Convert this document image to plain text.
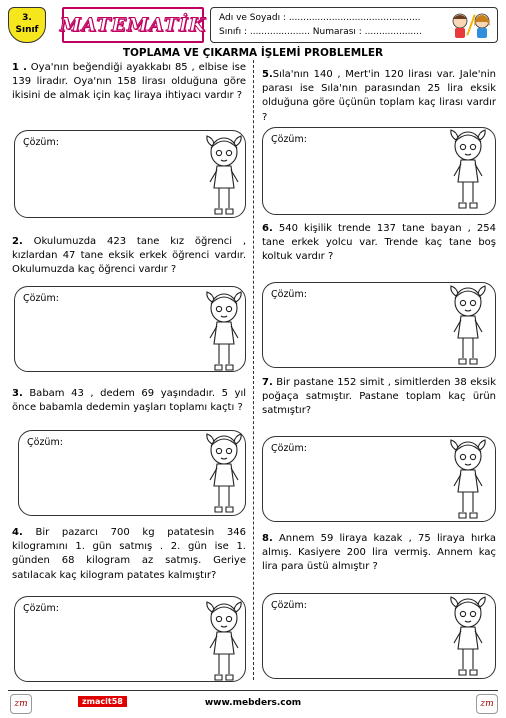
3.
Sınıf	MATEMATİK Adı ve Soyadı : ..............................................
Sınıfı : ..................... Numarası : ....................
TOPLAMA VE ÇIKARMA İŞLEMİ PROBLEMLER
1 . Oya'nın beğendiği ayakkabı 85 , elbise ise 139 liradır. Oya'nın 158 lirası olduğuna göre ikisini de almak için kaç liraya ihtiyacı vardır ?
Çözüm:
2. Okulumuzda 423 tane kız öğrenci , kızlardan 47 tane eksik erkek öğrenci vardır. Okulumuzda kaç öğrenci vardır ?
Çözüm:
3. Babam 43 , dedem 69 yaşındadır. 5 yıl önce babamla dedemin yaşları toplamı kaçtı ?
Çözüm:
4. Bir pazarcı 700 kg patatesin 346 kilogramını 1. gün satmış . 2. gün ise 1. günden 68 kilogram az satmış. Geriye satılacak kaç kilogram patates kalmıştır?
Çözüm:
5.Sıla'nın 140 , Mert'in 120 lirası var. Jale'nin parası ise Sıla'nın parasından 25 lira eksik olduğuna göre üçünün toplam kaç lirası vardır ?
Çözüm:
6. 540 kişilik trende 137 tane bayan , 254 tane erkek yolcu var. Trende kaç tane boş koltuk vardır ?
Çözüm:
7. Bir pastane 152 simit , simitlerden 38 eksik poğaça satmıştır. Pastane toplam kaç ürün satmıştır?
Çözüm:
8. Annem 59 liraya kazak , 75 liraya hırka almış. Kasiyere 200 lira vermiş. Annem kaç lira para üstü almıştır ?
Çözüm:
zm	zm
zmacit58	www.mebders.com
